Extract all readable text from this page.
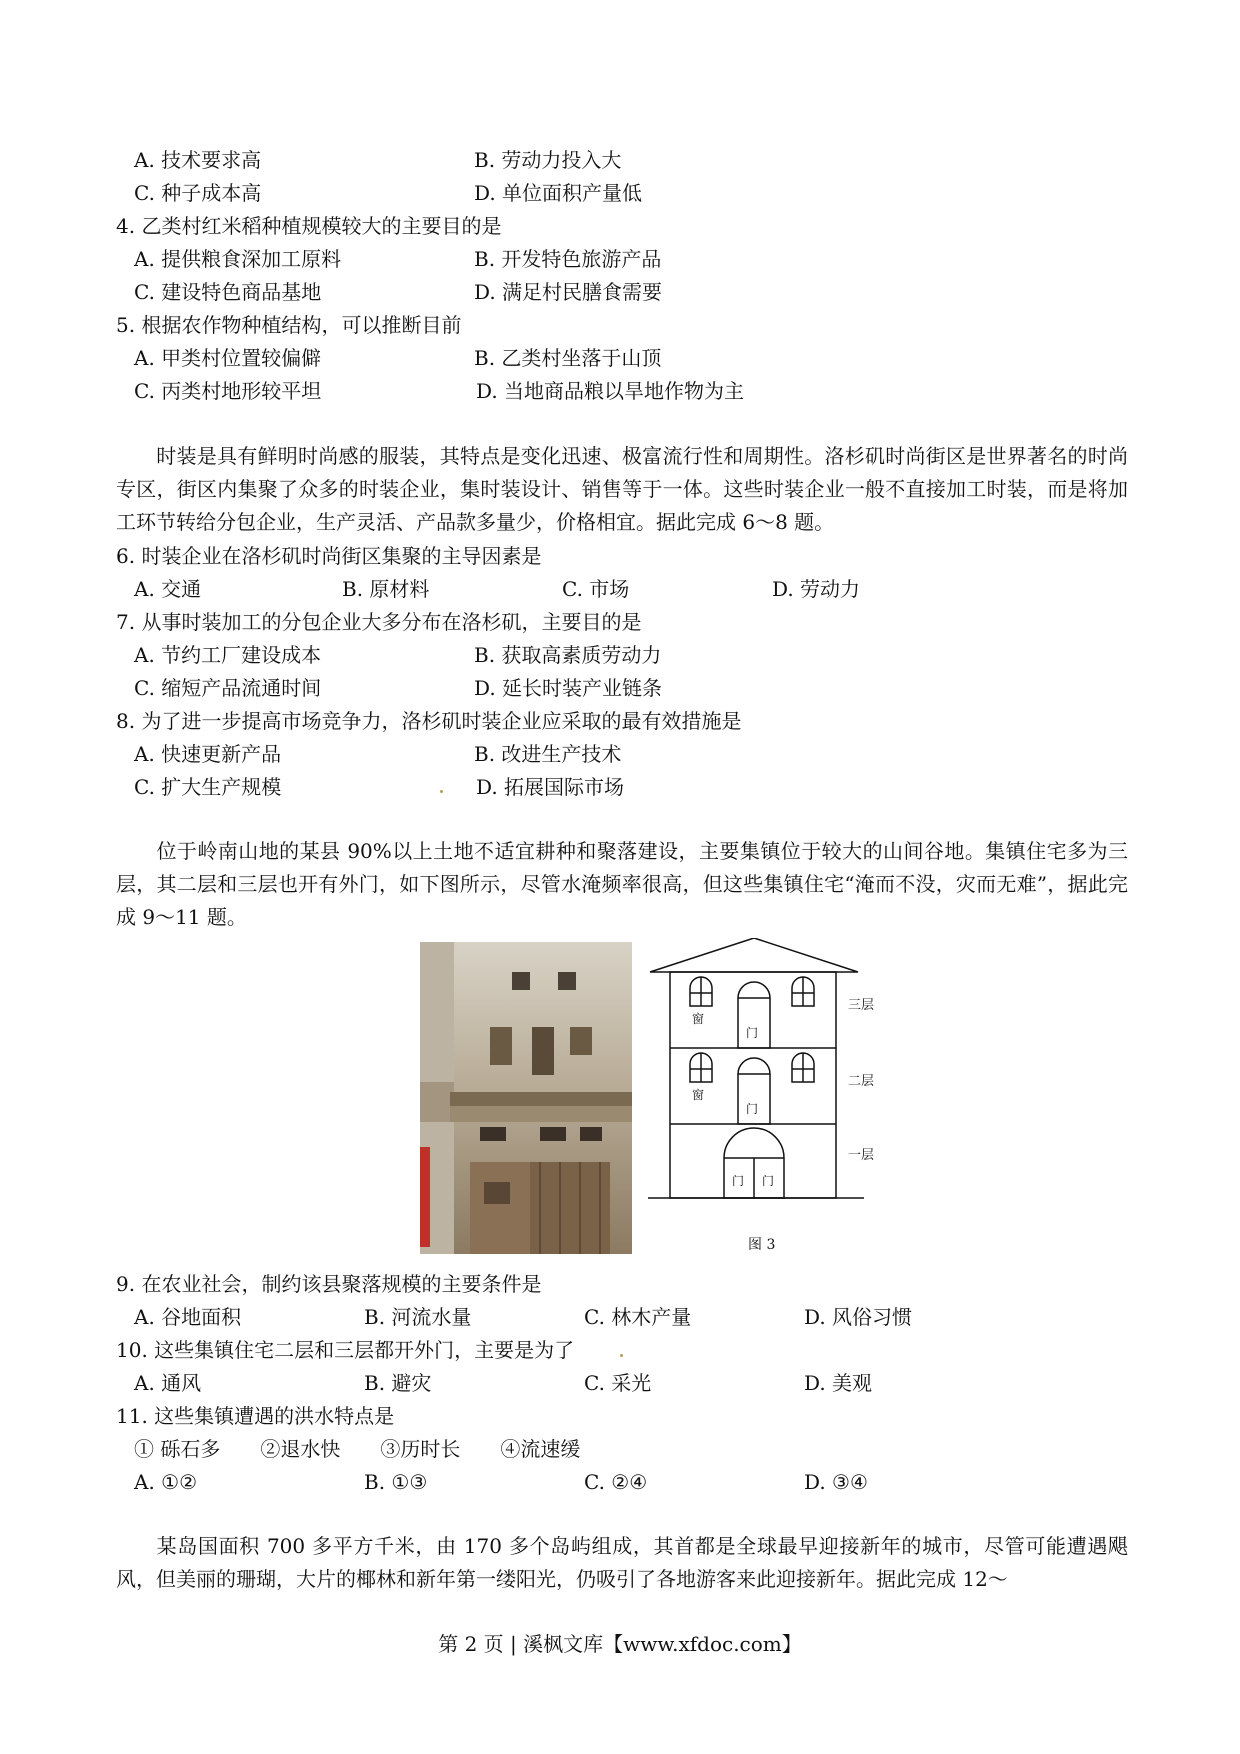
A. 技术要求高	B. 劳动力投入大
C. 种子成本高	D. 单位面积产量低
4. 乙类村红米稻种植规模较大的主要目的是
A. 提供粮食深加工原料	B. 开发特色旅游产品
C. 建设特色商品基地	D. 满足村民膳食需要
5. 根据农作物种植结构，可以推断目前
A. 甲类村位置较偏僻	B. 乙类村坐落于山顶
C. 丙类村地形较平坦	D. 当地商品粮以旱地作物为主
时装是具有鲜明时尚感的服装，其特点是变化迅速、极富流行性和周期性。洛杉矶时尚街区是世界著名的时尚专区，街区内集聚了众多的时装企业，集时装设计、销售等于一体。这些时装企业一般不直接加工时装，而是将加工环节转给分包企业，生产灵活、产品款多量少，价格相宜。据此完成 6～8 题。
6. 时装企业在洛杉矶时尚街区集聚的主导因素是
A. 交通	B. 原材料	C. 市场	D. 劳动力
7. 从事时装加工的分包企业大多分布在洛杉矶，主要目的是
A. 节约工厂建设成本	B. 获取高素质劳动力
C. 缩短产品流通时间	D. 延长时装产业链条
8. 为了进一步提高市场竞争力，洛杉矶时装企业应采取的最有效措施是
A. 快速更新产品	B. 改进生产技术
C. 扩大生产规模	D. 拓展国际市场
位于岭南山地的某县 90%以上土地不适宜耕种和聚落建设，主要集镇位于较大的山间谷地。集镇住宅多为三层，其二层和三层也开有外门，如下图所示，尽管水淹频率很高，但这些集镇住宅“淹而不没，灾而无难”，据此完成 9～11 题。
三层
二层
一层
窗
门
窗
门
门 门
图 3
9. 在农业社会，制约该县聚落规模的主要条件是
A. 谷地面积	B. 河流水量	C. 林木产量	D. 风俗习惯
10. 这些集镇住宅二层和三层都开外门，主要是为了
A. 通风	B. 避灾	C. 采光	D. 美观
11. 这些集镇遭遇的洪水特点是
① 砾石多　　②退水快　　③历时长　　④流速缓
A. ①②	B. ①③	C. ②④	D. ③④
某岛国面积 700 多平方千米，由 170 多个岛屿组成，其首都是全球最早迎接新年的城市，尽管可能遭遇飓风，但美丽的珊瑚，大片的椰林和新年第一缕阳光，仍吸引了各地游客来此迎接新年。据此完成 12～
第 2 页 | 溪枫文库【www.xfdoc.com】
